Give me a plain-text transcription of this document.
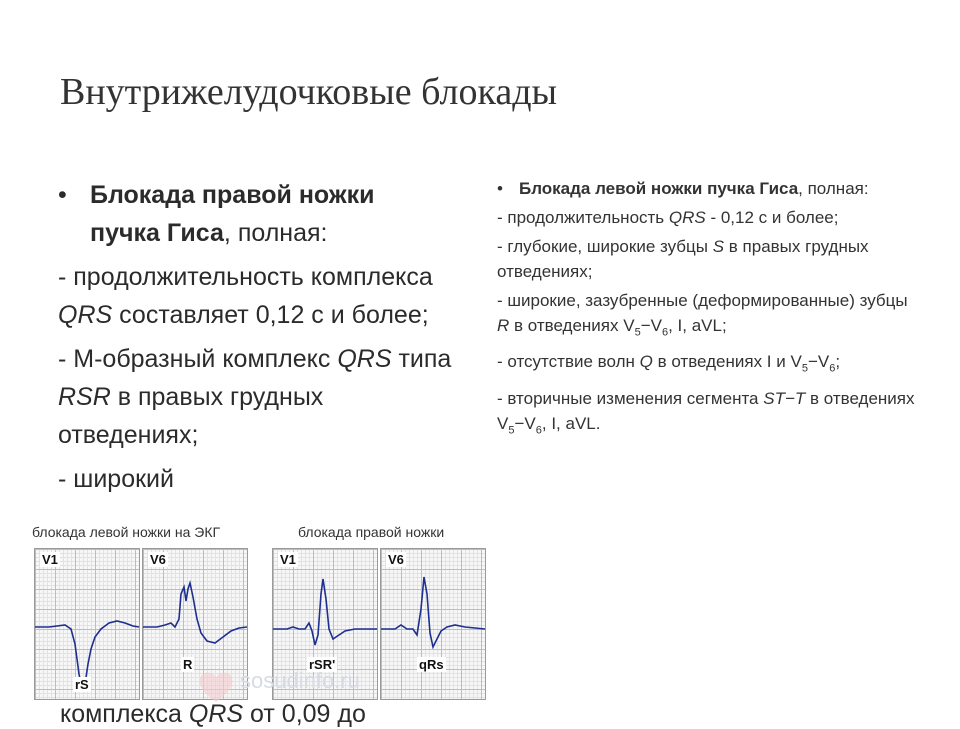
Внутрижелудочковые блокады
• Блокада правой ножки
пучка Гиса, полная:
- продолжительность комплекса QRS составляет 0,12 с и более;
- М-образный комплекс QRS типа RSR в правых грудных отведениях;
- широкий
• Блокада левой ножки пучка Гиса, полная:
- продолжительность QRS - 0,12 с и более;
- глубокие, широкие зубцы S в правых грудных отведениях;
- широкие, зазубренные (деформированные) зубцы R в отведениях $V_5-V_6$, I, aVL;
- отсутствие волн Q в отведениях I и $V_5-V_6$;
- вторичные изменения сегмента ST−T в отведениях $V_5-V_6$, I, aVL.
блокада левой ножки на ЭКГ	блокада правой ножки
V1
rS
V6
R
V1
rSR'
V6
qRs
sosudinfo.ru
комплекса QRS от 0,09 до
